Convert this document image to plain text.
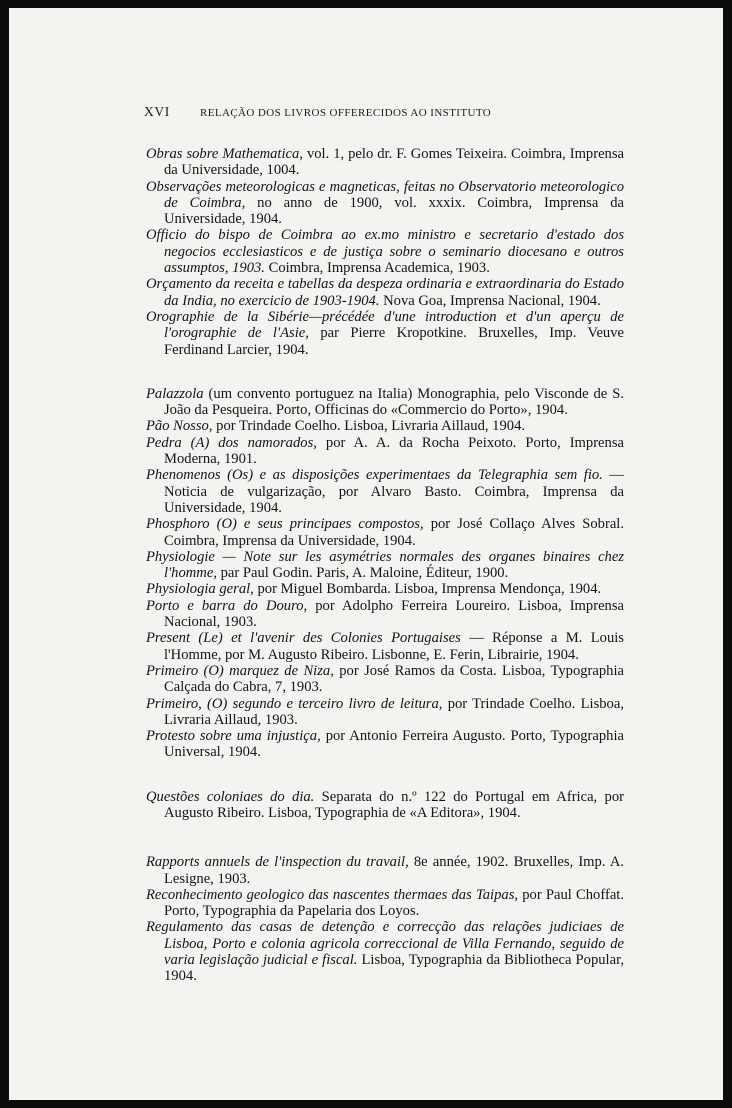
XVI	RELAÇÃO DOS LIVROS OFFERECIDOS AO INSTITUTO

Obras sobre Mathematica, vol. 1, pelo dr. F. Gomes Teixeira. Coimbra, Imprensa da Universidade, 1004.

Observações meteorologicas e magneticas, feitas no Observatorio meteorologico de Coimbra, no anno de 1900, vol. xxxix. Coimbra, Imprensa da Universidade, 1904.

Officio do bispo de Coimbra ao ex.mo ministro e secretario d'estado dos negocios ecclesiasticos e de justiça sobre o seminario diocesano e outros assumptos, 1903. Coimbra, Imprensa Academica, 1903.

Orçamento da receita e tabellas da despeza ordinaria e extraordinaria do Estado da India, no exercicio de 1903-1904. Nova Goa, Imprensa Nacional, 1904.

Orographie de la Sibérie—précédée d'une introduction et d'un aperçu de l'orographie de l'Asie, par Pierre Kropotkine. Bruxelles, Imp. Veuve Ferdinand Larcier, 1904.

Palazzola (um convento portuguez na Italia) Monographia, pelo Visconde de S. João da Pesqueira. Porto, Officinas do «Commercio do Porto», 1904.

Pão Nosso, por Trindade Coelho. Lisboa, Livraria Aillaud, 1904.

Pedra (A) dos namorados, por A. A. da Rocha Peixoto. Porto, Imprensa Moderna, 1901.

Phenomenos (Os) e as disposições experimentaes da Telegraphia sem fio. — Noticia de vulgarização, por Alvaro Basto. Coimbra, Imprensa da Universidade, 1904.

Phosphoro (O) e seus principaes compostos, por José Collaço Alves Sobral. Coimbra, Imprensa da Universidade, 1904.

Physiologie — Note sur les asymétries normales des organes binaires chez l'homme, par Paul Godin. Paris, A. Maloine, Éditeur, 1900.

Physiologia geral, por Miguel Bombarda. Lisboa, Imprensa Mendonça, 1904.

Porto e barra do Douro, por Adolpho Ferreira Loureiro. Lisboa, Imprensa Nacional, 1903.

Present (Le) et l'avenir des Colonies Portugaises — Réponse a M. Louis l'Homme, por M. Augusto Ribeiro. Lisbonne, E. Ferin, Librairie, 1904.

Primeiro (O) marquez de Niza, por José Ramos da Costa. Lisboa, Typographia Calçada do Cabra, 7, 1903.

Primeiro, (O) segundo e terceiro livro de leitura, por Trindade Coelho. Lisboa, Livraria Aillaud, 1903.

Protesto sobre uma injustiça, por Antonio Ferreira Augusto. Porto, Typographia Universal, 1904.

Questões coloniaes do dia. Separata do n.º 122 do Portugal em Africa, por Augusto Ribeiro. Lisboa, Typographia de «A Editora», 1904.

Rapports annuels de l'inspection du travail, 8e année, 1902. Bruxelles, Imp. A. Lesigne, 1903.

Reconhecimento geologico das nascentes thermaes das Taipas, por Paul Choffat. Porto, Typographia da Papelaria dos Loyos.

Regulamento das casas de detenção e correcção das relações judiciaes de Lisboa, Porto e colonia agricola correccional de Villa Fernando, seguido de varia legislação judicial e fiscal. Lisboa, Typographia da Bibliotheca Popular, 1904.
